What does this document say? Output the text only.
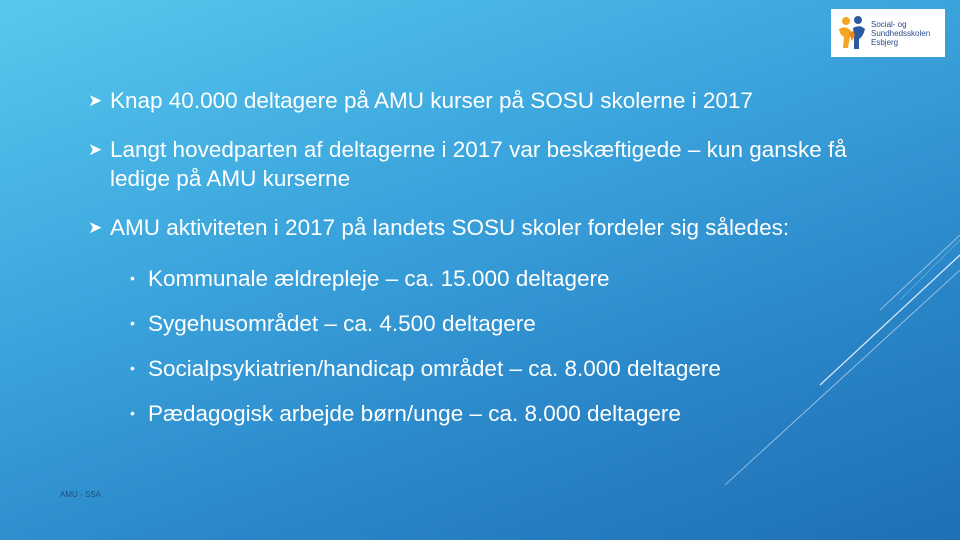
Social- og
Sundhedsskolen
Esbjerg
➤ Knap 40.000 deltagere på AMU kurser på SOSU skolerne i 2017
➤ Langt hovedparten af deltagerne i 2017 var beskæftigede – kun ganske få ledige på AMU kurserne
➤ AMU aktiviteten i 2017 på landets SOSU skoler fordeler sig således:
• Kommunale ældrepleje – ca. 15.000 deltagere
• Sygehusområdet – ca. 4.500 deltagere
• Socialpsykiatrien/handicap området – ca. 8.000 deltagere
• Pædagogisk arbejde børn/unge – ca. 8.000 deltagere
AMU - SSA
